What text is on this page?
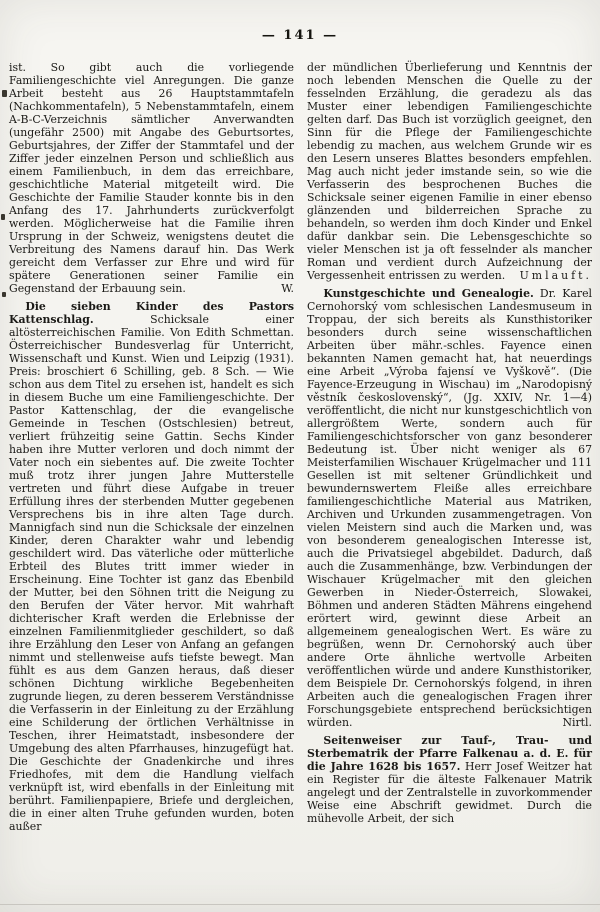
— 141 —

ist. So gibt auch die vorliegende Familiengeschichte viel Anregungen. Die ganze Arbeit besteht aus 26 Hauptstammtafeln (Nachkommentafeln), 5 Nebenstammtafeln, einem A-B-C-Verzeichnis sämtlicher Anverwandten (ungefähr 2500) mit Angabe des Geburtsortes, Geburtsjahres, der Ziffer der Stammtafel und der Ziffer jeder einzelnen Person und schließlich aus einem Familienbuch, in dem das erreichbare, geschichtliche Material mitgeteilt wird. Die Geschichte der Familie Stauder konnte bis in den Anfang des 17. Jahrhunderts zurückverfolgt werden. Möglicherweise hat die Familie ihren Ursprung in der Schweiz, wenigstens deutet die Verbreitung des Namens darauf hin. Das Werk gereicht dem Verfasser zur Ehre und wird für spätere Generationen seiner Familie ein Gegenstand der Erbauung sein.	W.

Die sieben Kinder des Pastors Kattenschlag.	Schicksale einer altösterreichischen Familie. Von Edith Schmettan. Österreichischer Bundesverlag für Unterricht, Wissenschaft und Kunst. Wien und Leipzig (1931). Preis: broschiert 6 Schilling, geb. 8 Sch. — Wie schon aus dem Titel zu ersehen ist, handelt es sich in diesem Buche um eine Familiengeschichte. Der Pastor Kattenschlag, der die evangelische Gemeinde in Teschen (Ostschlesien) betreut, verliert frühzeitig seine Gattin. Sechs Kinder haben ihre Mutter verloren und doch nimmt der Vater noch ein siebentes auf. Die zweite Tochter muß trotz ihrer jungen Jahre Mutterstelle vertreten und führt diese Aufgabe in treuer Erfüllung ihres der sterbenden Mutter gegebenen Versprechens bis in ihre alten Tage durch. Mannigfach sind nun die Schicksale der einzelnen Kinder, deren Charakter wahr und lebendig geschildert wird. Das väterliche oder mütterliche Erbteil des Blutes tritt immer wieder in Erscheinung. Eine Tochter ist ganz das Ebenbild der Mutter, bei den Söhnen tritt die Neigung zu den Berufen der Väter hervor. Mit wahrhaft dichterischer Kraft werden die Erlebnisse der einzelnen Familienmitglieder geschildert, so daß ihre Erzählung den Leser von Anfang an gefangen nimmt und stellenweise aufs tiefste bewegt. Man fühlt es aus dem Ganzen heraus, daß dieser schönen Dichtung wirkliche Begebenheiten zugrunde liegen, zu deren besserem Verständnisse die Verfasserin in der Einleitung zu der Erzählung eine Schilderung der örtlichen Verhältnisse in Teschen, ihrer Heimatstadt, insbesondere der Umgebung des alten Pfarrhauses, hinzugefügt hat. Die Geschichte der Gnadenkirche und ihres Friedhofes, mit dem die Handlung vielfach verknüpft ist, wird ebenfalls in der Einleitung mit berührt. Familienpapiere, Briefe und dergleichen, die in einer alten Truhe gefunden wurden, boten außer

der mündlichen Überlieferung und Kenntnis der noch lebenden Menschen die Quelle zu der fesselnden Erzählung, die geradezu als das Muster einer lebendigen Familiengeschichte gelten darf. Das Buch ist vorzüglich geeignet, den Sinn für die Pflege der Familiengeschichte lebendig zu machen, aus welchem Grunde wir es den Lesern unseres Blattes besonders empfehlen. Mag auch nicht jeder imstande sein, so wie die Verfasserin des besprochenen Buches die Schicksale seiner eigenen Familie in einer ebenso glänzenden und bilderreichen Sprache zu behandeln, so werden ihm doch Kinder und Enkel dafür dankbar sein. Die Lebensgeschichte so vieler Menschen ist ja oft fesselnder als mancher Roman und verdient durch Aufzeichnung der Vergessenheit entrissen zu werden.	Umlauft.

Kunstgeschichte und Genealogie. Dr. Karel Cernohorský vom schlesischen Landesmuseum in Troppau, der sich bereits als Kunsthistoriker besonders durch seine wissenschaftlichen Arbeiten über mähr.-schles. Fayence einen bekannten Namen gemacht hat, hat neuerdings eine Arbeit „Výroba fajensí ve Vyškově“. (Die Fayence-Erzeugung in Wischau) im „Narodopisný věstník československý“, (Jg. XXIV, Nr. 1—4) veröffentlicht, die nicht nur kunstgeschichtlich von allergrößtem Werte, sondern auch für Familiengeschichtsforscher von ganz besonderer Bedeutung ist. Über nicht weniger als 67 Meisterfamilien Wischauer Krügelmacher und 111 Gesellen ist mit seltener Gründlichkeit und bewundernswertem Fleiße alles erreichbare familiengeschichtliche Material aus Matriken, Archiven und Urkunden zusammengetragen. Von vielen Meistern sind auch die Marken und, was von besonderem genealogischen Interesse ist, auch die Privatsiegel abgebildet. Dadurch, daß auch die Zusammenhänge, bzw. Verbindungen der Wischauer Krügelmacher mit den gleichen Gewerben in Nieder-Österreich, Slowakei, Böhmen und anderen Städten Mährens eingehend erörtert wird, gewinnt diese Arbeit an allgemeinem genealogischen Wert. Es wäre zu begrüßen, wenn Dr. Cernohorský auch über andere Orte ähnliche wertvolle Arbeiten veröffentlichen würde und andere Kunsthistoriker, dem Beispiele Dr. Cernohorskýs folgend, in ihren Arbeiten auch die genealogischen Fragen ihrer Forschungsgebiete entsprechend berücksichtigen würden.	Nirtl.

Seitenweiser zur Tauf-, Trau- und Sterbematrik der Pfarre Falkenau a. d. E. für die Jahre 1628 bis 1657. Herr Josef Weitzer hat ein Register für die älteste Falkenauer Matrik angelegt und der Zentralstelle in zuvorkommender Weise eine Abschrift gewidmet. Durch die mühevolle Arbeit, der sich
